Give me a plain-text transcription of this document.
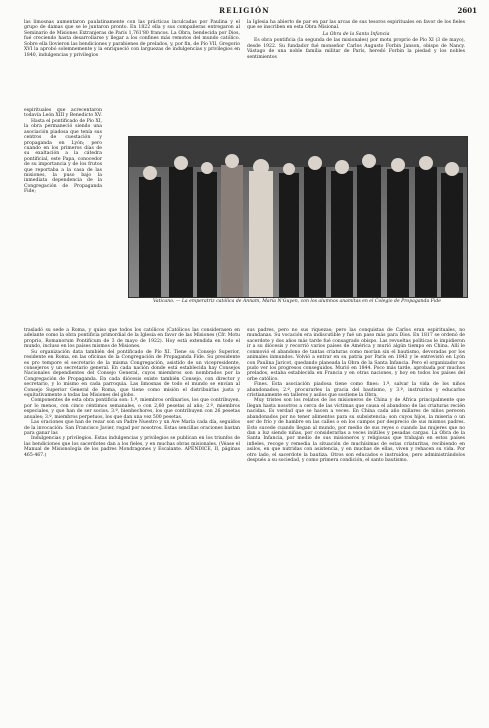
RELIGIÓN	2601

las limosnas aumentaron paulatinamente con las prácticas inculcadas por Paulina y el grupo de damas que se le juntaron pronto. En 1822 ella y sus compañeras entregaron al Seminario de Misiones Extranjeras de París 1,761'80 francos. La Obra, bendecida por Dios, fué creciendo hasta desarrollarse y llegar a los confines más remotos del mundo católico. Sobre ella llovieron las bendiciones y parabienes de prelados, y, por fin, de Pío VII, Gregorio XVI la aprobó solemnemente y la enriqueció con larguezas de indulgencias y privilegios en 1840, indulgencias y privilegios

espirituales que acrecentaron todavía León XIII y Benedicto XV.

Hasta el pontificado de Pío XI, la obra permaneció siendo una asociación piadosa que tenía sus centros de cuestación y propaganda en Lyón; pero cuando en los primeros días de su exaltación a la cátedra pontificial, este Papa, conocedor de su importancia y de los frutos que reportaba a la casa de las misiones, la puso bajo la inmediata dependencia de la Congregación de Propaganda Fide;

la Iglesia ha abierto de par en par las arcas de sus tesoros espirituales en favor de los fieles que se inscriben en esta Obra Misional.

La Obra de la Santa Infancia

Es obra pontificia (la segunda de las misionales) por motu proprio de Pío XI (3 de mayo), desde 1922. Su fundador fué monseñor Carlos Augusto Forbin Janson, obispo de Nancy. Vástago de una noble familia militar de París, heredó Forbin la piedad y los nobles sentimientos

Vaticano. — La emperatriz católica de Annam, María N'Guyen, con los alumnos anamitas en el Colegio de Propaganda Fide

trasladó su sede a Roma, y quiso que todos los católicos (Católicos las considerasen en adelante como la obra pontificia primordial de la Iglesia en favor de las Misiones (Cfr. Motu proprio, Romanorum Pontificum de 3 de mayo de 1922). Hoy está extendida en todo el mundo, incluso en los países mismos de Misiones.

Su organización data también del pontificado de Pío XI. Tiene su Consejo Superior, residente en Roma, en las oficinas de la Congregación de Propaganda Fide. Su presidente es pro tempore el secretario de la misma Congregación, asistido de un vicepresidente, consejeros y un secretario general. En cada nación donde está establecida hay Consejos Nacionales dependientes del Consejo General, cuyos miembros son nombrados por la Congregación de Propaganda. En cada diócesis existe también Consejo, con director y secretario, y lo mismo en cada parroquia. Las limosnas de todo el mundo se envían al Consejo Superior General de Roma, que tiene como misión el distribuirlas justa y equitativamente a todas las Misiones del globo.

Componentes de esta obra pontificia son: 1.º, miembros ordinarios, los que contribuyen, por lo menos, con cinco céntimos semanales, o con 2,60 pesetas al año; 2.º, miembros especiales, y que han de ser socios. 3.º, bienhechores, los que contribuyen con 26 pesetas anuales; 3.º, miembros perpetuos, los que dan una vez 500 pesetas.

Las oraciones que han de rezar son un Padre Nuestro y un Ave María cada día, seguidos de la invocación: San Francisco Javier, rogad por nosotros. Estas sencillas oraciones bastan para ganar las

Indulgencias y privilegios. Estas indulgencias y privilegios se publican en los triunfos de las bendiciones que los sacerdotes dan a los fieles, y en muchas obras misionales. (Véase el Manual de Misionología de los padres Mondragones y Escalante. APÉNDICE, II, páginas 465-467.)

sus padres, pero no sus riquezas; pero las conquistas de Carlos eran espirituales, no mundanas. Su vocación era indiscutible y fué un paso más para Dios. En 1817 se ordenó de sacerdote y dos años más tarde fué consagrado obispo. Las revueltas políticas le impidieron ir a su diócesis y recorrió varios países de América y murió algún tiempo en China. Allí le conmovió el abandono de tantas criaturas como morían sin el bautismo, devoradas por los animales inmundos. Volvió a entrar en su patria por París en 1843 y le entrevistó en Lyón con Paulina Jaricot, quedando planeada la Obra de la Santa Infancia. Pero el organizador no pudo ver los progresos conseguidos. Murió en 1844. Poco más tarde, aprobada por muchos prelados, estaba establecida en Francia y en otras naciones, y hoy en todos los países del orbe católico.

Fines. Esta asociación piadosa tiene como fines: 1.º, salvar la vida de los niños abandonados; 2.º, procurarles la gracia del bautismo, y 3.º, instruirlos y educarlos cristianamente en talleres y asilos que sostiene la Obra.

Muy tristes son los relatos de los misioneros de China y de África principalmente que llegan hasta nosotros a cerca de las víctimas que causa el abandono de las criaturas recién nacidas. Es verdad que se hacen a veces. En China cada año millares de niños perecen abandonados por no tener alimentos para su subsistencia; son cuyos hijos, la miseria o un ser de frío y de hambre en las calles o en los campos por desprecio de sus mismos padres. Esto sucede cuando llegan al mundo, por medio de sus reyes o cuando las mujeres que no dan a luz siendo niñas, por considerarlas a veces inútiles y pesadas cargas. La Obra de la Santa Infancia, por medio de sus misioneros y religiosas que trabajan en estos países infieles, recoge y remedia la situación de muchísimas de estas criaturitas, recibiendo en asilos, en que nutridas con asistencia, y en muchas de ellas, viven y rehacen su vida. Por otro lado, el sacerdote la bautiza. Otros son educados e instruidos, pero administrándolos después a su sociedad, y como primera condición, el santo bautismo.
